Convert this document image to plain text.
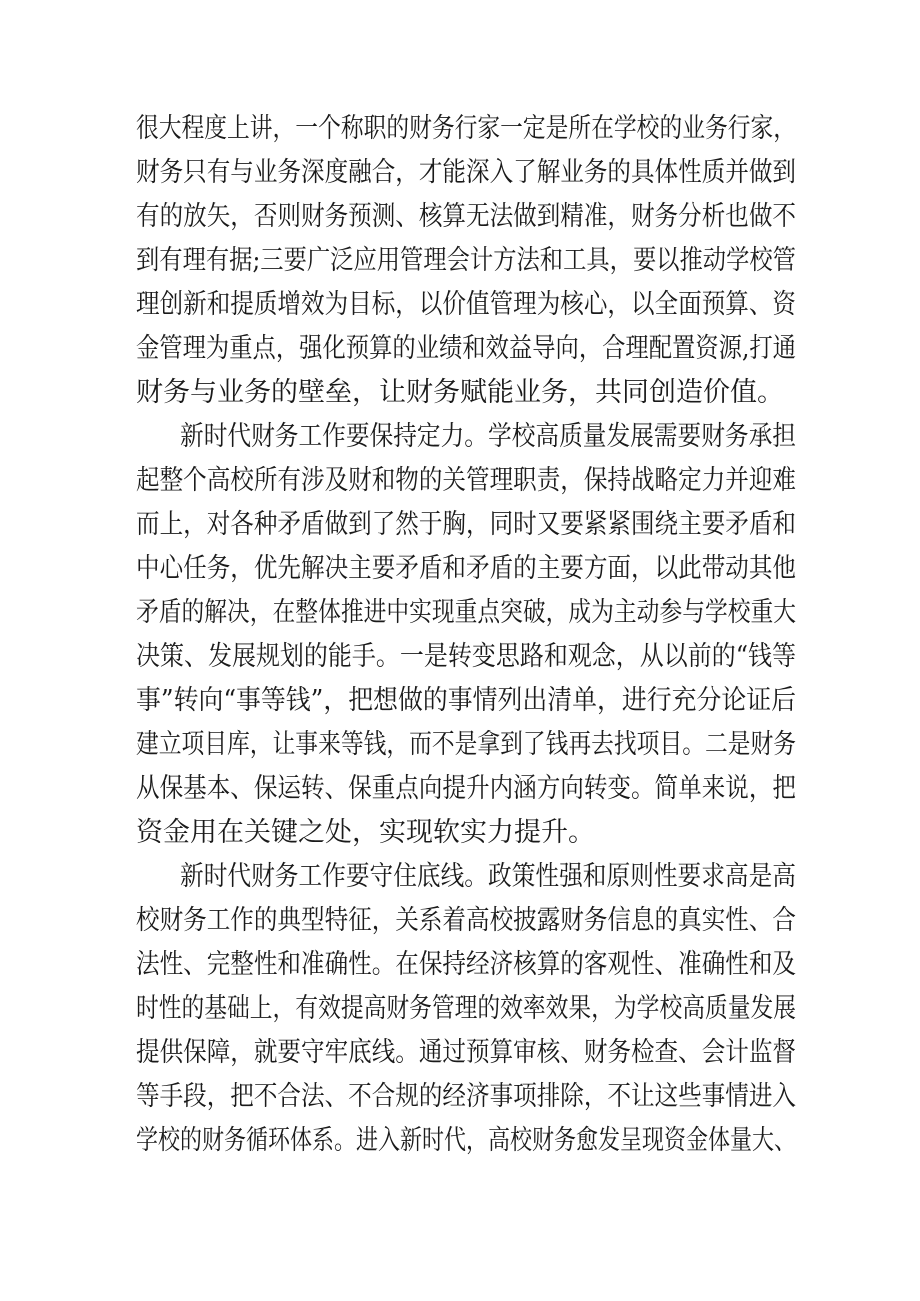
很大程度上讲，一个称职的财务行家一定是所在学校的业务行家，
财务只有与业务深度融合，才能深入了解业务的具体性质并做到
有的放矢，否则财务预测、核算无法做到精准，财务分析也做不
到有理有据;三要广泛应用管理会计方法和工具，要以推动学校管
理创新和提质增效为目标，以价值管理为核心，以全面预算、资
金管理为重点，强化预算的业绩和效益导向，合理配置资源,打通
财务与业务的壁垒，让财务赋能业务，共同创造价值。
新时代财务工作要保持定力。学校高质量发展需要财务承担
起整个高校所有涉及财和物的关管理职责，保持战略定力并迎难
而上，对各种矛盾做到了然于胸，同时又要紧紧围绕主要矛盾和
中心任务，优先解决主要矛盾和矛盾的主要方面，以此带动其他
矛盾的解决，在整体推进中实现重点突破，成为主动参与学校重大
决策、发展规划的能手。一是转变思路和观念，从以前的“钱等
事”转向“事等钱”，把想做的事情列出清单，进行充分论证后
建立项目库，让事来等钱，而不是拿到了钱再去找项目。二是财务
从保基本、保运转、保重点向提升内涵方向转变。简单来说，把
资金用在关键之处，实现软实力提升。
新时代财务工作要守住底线。政策性强和原则性要求高是高
校财务工作的典型特征，关系着高校披露财务信息的真实性、合
法性、完整性和准确性。在保持经济核算的客观性、准确性和及
时性的基础上，有效提高财务管理的效率效果，为学校高质量发展
提供保障，就要守牢底线。通过预算审核、财务检查、会计监督
等手段，把不合法、不合规的经济事项排除，不让这些事情进入
学校的财务循环体系。进入新时代，高校财务愈发呈现资金体量大、
